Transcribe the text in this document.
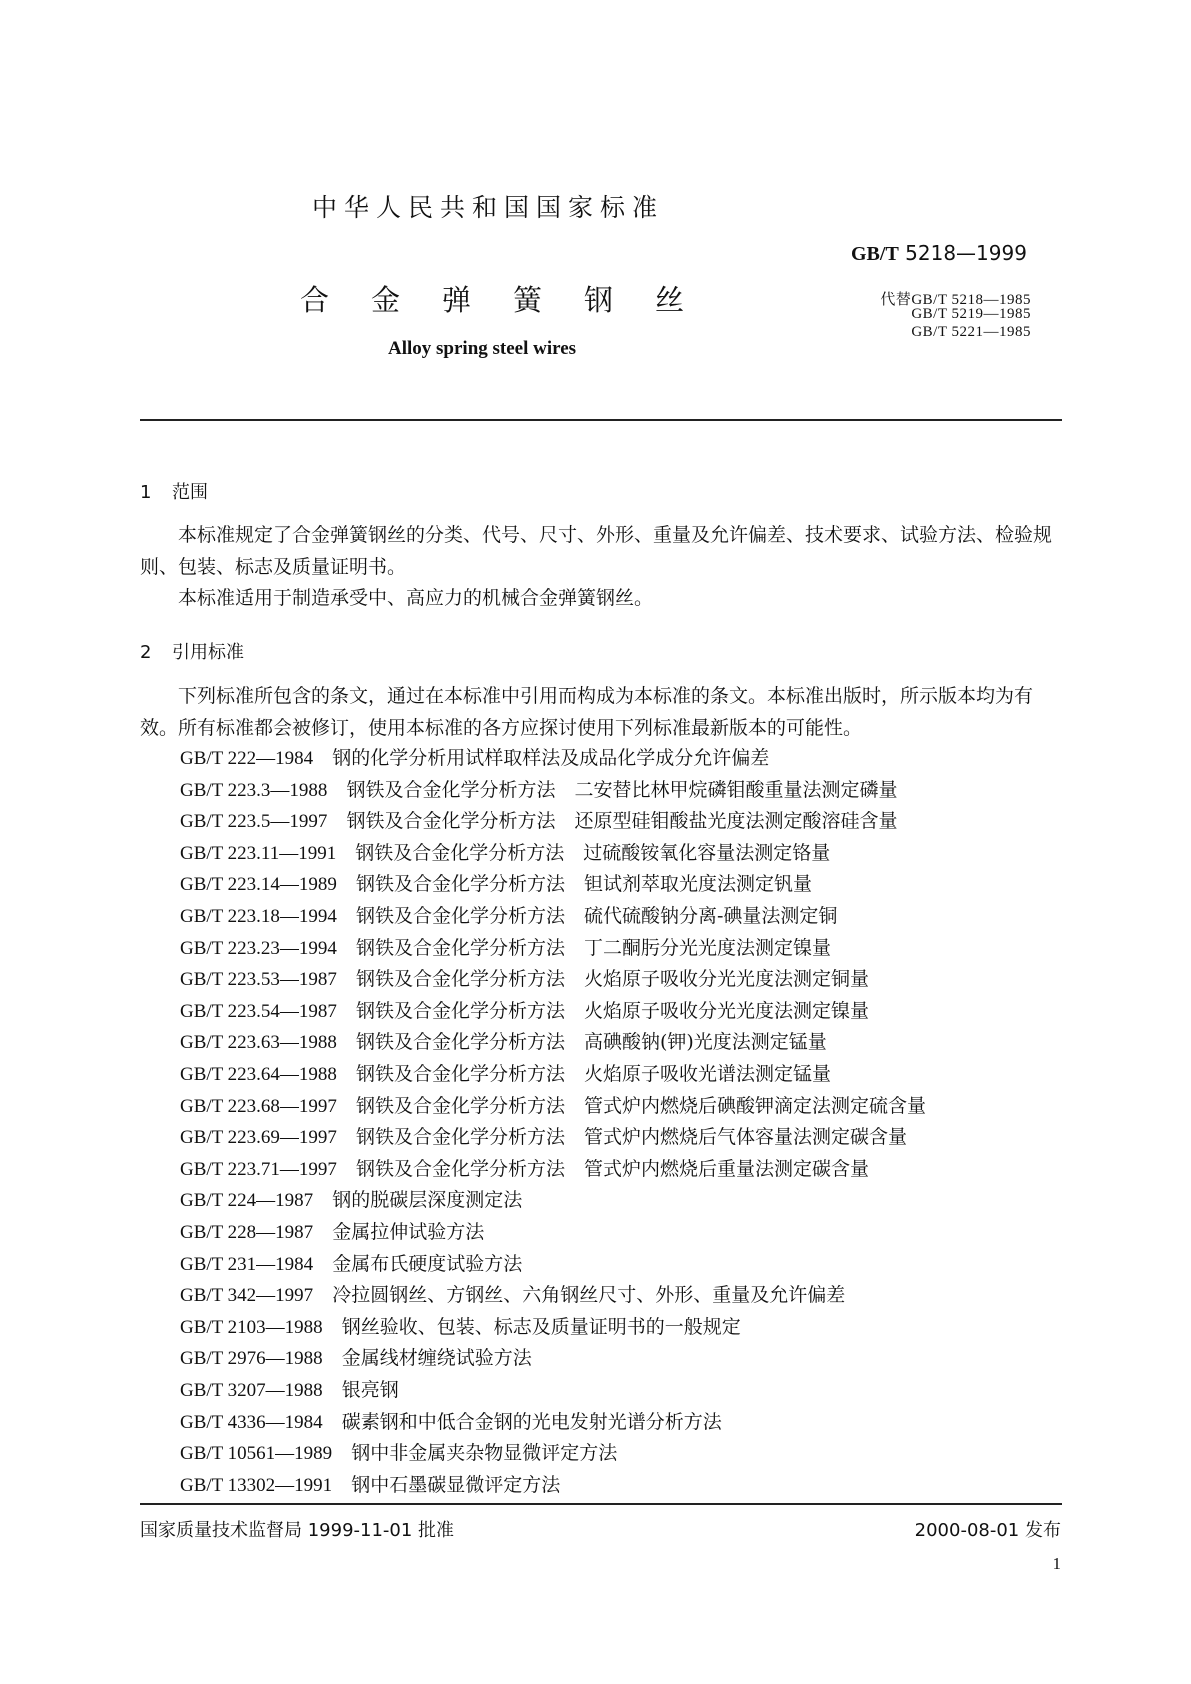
中华人民共和国国家标准
GB/T 5218—1999
合金弹簧钢丝
Alloy spring steel wires
代替GB/T 5218—1985
GB/T 5219—1985
GB/T 5221—1985
1 范围
本标准规定了合金弹簧钢丝的分类、代号、尺寸、外形、重量及允许偏差、技术要求、试验方法、检验规则、包装、标志及质量证明书。
本标准适用于制造承受中、高应力的机械合金弹簧钢丝。
2 引用标准
下列标准所包含的条文，通过在本标准中引用而构成为本标准的条文。本标准出版时，所示版本均为有效。所有标准都会被修订，使用本标准的各方应探讨使用下列标准最新版本的可能性。
GB/T 222—1984　 钢的化学分析用试样取样法及成品化学成分允许偏差
GB/T 223.3—1988　 钢铁及合金化学分析方法　二安替比林甲烷磷钼酸重量法测定磷量
GB/T 223.5—1997　 钢铁及合金化学分析方法　还原型硅钼酸盐光度法测定酸溶硅含量
GB/T 223.11—1991　 钢铁及合金化学分析方法　过硫酸铵氧化容量法测定铬量
GB/T 223.14—1989　 钢铁及合金化学分析方法　钽试剂萃取光度法测定钒量
GB/T 223.18—1994　 钢铁及合金化学分析方法　硫代硫酸钠分离-碘量法测定铜
GB/T 223.23—1994　 钢铁及合金化学分析方法　丁二酮肟分光光度法测定镍量
GB/T 223.53—1987　 钢铁及合金化学分析方法　火焰原子吸收分光光度法测定铜量
GB/T 223.54—1987　 钢铁及合金化学分析方法　火焰原子吸收分光光度法测定镍量
GB/T 223.63—1988　 钢铁及合金化学分析方法　高碘酸钠(钾)光度法测定锰量
GB/T 223.64—1988　 钢铁及合金化学分析方法　火焰原子吸收光谱法测定锰量
GB/T 223.68—1997　 钢铁及合金化学分析方法　管式炉内燃烧后碘酸钾滴定法测定硫含量
GB/T 223.69—1997　 钢铁及合金化学分析方法　管式炉内燃烧后气体容量法测定碳含量
GB/T 223.71—1997　 钢铁及合金化学分析方法　管式炉内燃烧后重量法测定碳含量
GB/T 224—1987　 钢的脱碳层深度测定法
GB/T 228—1987　 金属拉伸试验方法
GB/T 231—1984　 金属布氏硬度试验方法
GB/T 342—1997　 冷拉圆钢丝、方钢丝、六角钢丝尺寸、外形、重量及允许偏差
GB/T 2103—1988　 钢丝验收、包装、标志及质量证明书的一般规定
GB/T 2976—1988　 金属线材缠绕试验方法
GB/T 3207—1988　 银亮钢
GB/T 4336—1984　 碳素钢和中低合金钢的光电发射光谱分析方法
GB/T 10561—1989　 钢中非金属夹杂物显微评定方法
GB/T 13302—1991　 钢中石墨碳显微评定方法
国家质量技术监督局 1999-11-01 批准	2000-08-01 发布
1
